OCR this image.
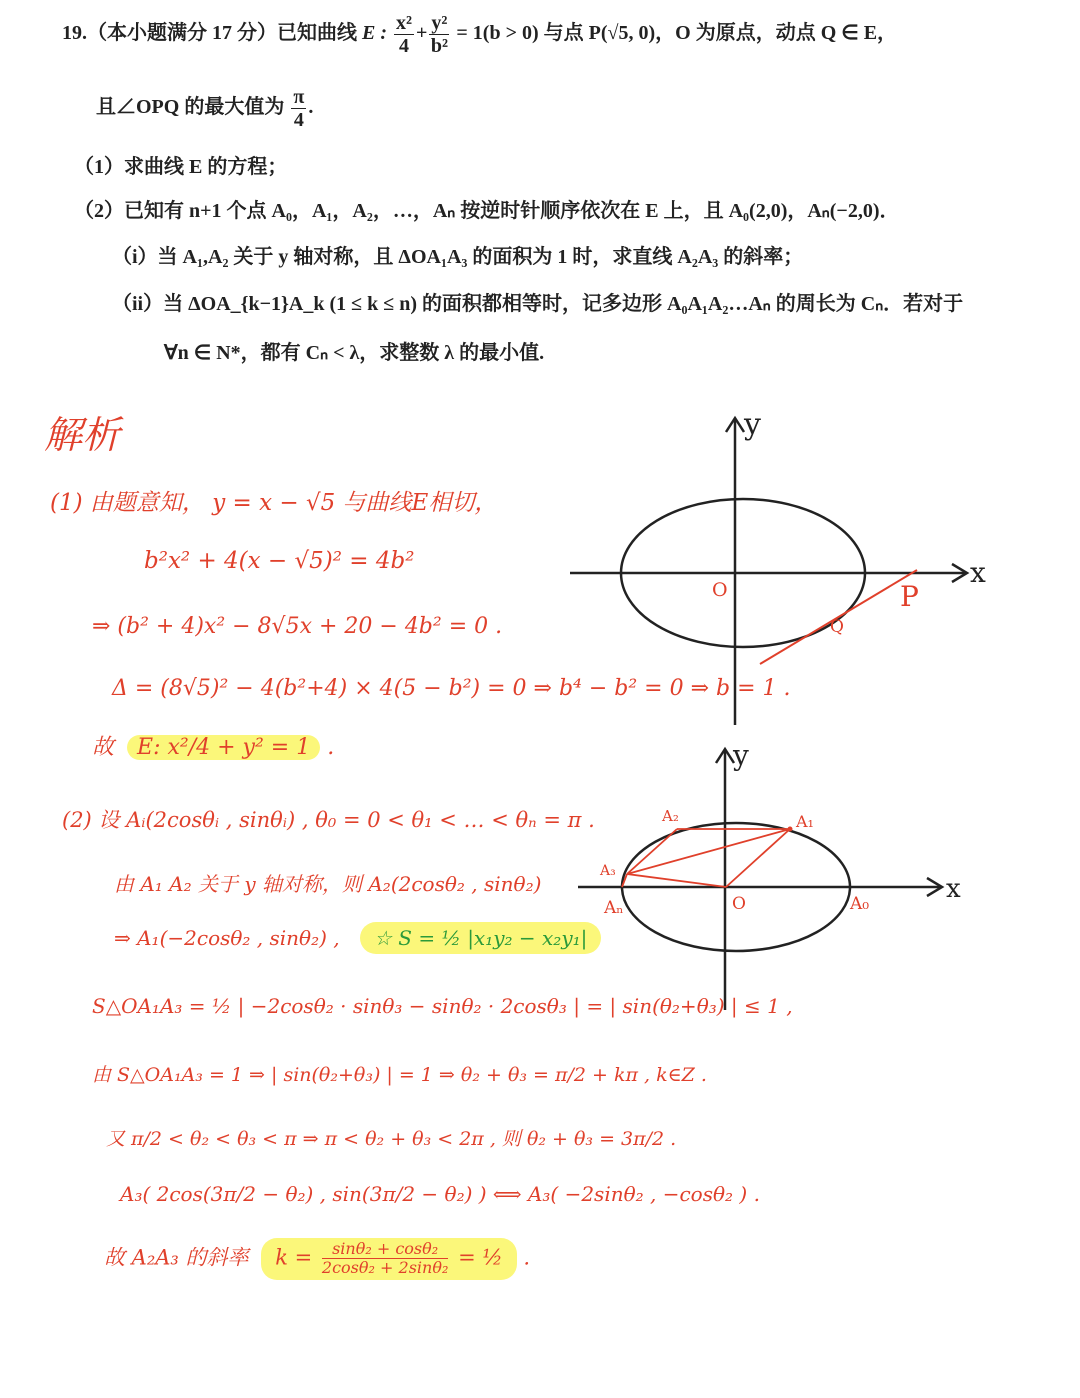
19.（本小题满分 17 分）已知曲线 E : $\frac{\text{x²}}{4} + \frac{\text{y²}}{\text{b²}} = 1(b > 0)$ 与点 P(√5, 0)，O 为原点，动点 Q ∈ E，
且∠OPQ 的最大值为 $\frac{\pi}{4}$ .
（1）求曲线 E 的方程；
（2）已知有 n+1 个点 A₀，A₁，A₂，…，Aₙ 按逆时针顺序依次在 E 上，且 A₀(2,0)，Aₙ(−2,0)．
（i）当 A₁,A₂ 关于 y 轴对称，且 ΔOA₁A₃ 的面积为 1 时，求直线 A₂A₃ 的斜率；
（ii）当 ΔOA_{k−1}A_k (1 ≤ k ≤ n) 的面积都相等时，记多边形 A₀A₁A₂…Aₙ 的周长为 Cₙ．若对于
∀n ∈ N*，都有 Cₙ < λ，求整数 λ 的最小值.
解析
(1) 由题意知， y = x − √5 与曲线E相切，
b²x² + 4(x − √5)² = 4b²
⇒ (b² + 4)x² − 8√5x + 20 − 4b² = 0 .
Δ = (8√5)² − 4(b²+4) × 4(5 − b²) = 0 ⇒ b⁴ − b² = 0 ⇒ b = 1 .
故 E: x²/4 + y² = 1 .
(2) 设 Aᵢ(2cosθᵢ , sinθᵢ) , θ₀ = 0 < θ₁ < … < θₙ = π .
由 A₁ A₂ 关于 y 轴对称，则 A₂(2cosθ₂ , sinθ₂)
⇒ A₁(−2cosθ₂ , sinθ₂) , ☆ S = ½ |x₁y₂ − x₂y₁|
S△OA₁A₃ = ½ | −2cosθ₂ · sinθ₃ − sinθ₂ · 2cosθ₃ | = | sin(θ₂+θ₃) | ≤ 1 ,
由 S△OA₁A₃ = 1 ⇒ | sin(θ₂+θ₃) | = 1 ⇒ θ₂ + θ₃ = π/2 + kπ , k∈Z .
又 π/2 < θ₂ < θ₃ < π ⇒ π < θ₂ + θ₃ < 2π , 则 θ₂ + θ₃ = 3π/2 .
A₃( 2cos(3π/2 − θ₂) , sin(3π/2 − θ₂) ) ⟺ A₃( −2sinθ₂ , −cosθ₂ ) .
故 A₂A₃ 的斜率 $k = \frac{\text{sinθ₂ + cosθ₂}}{\text{2cosθ₂ + 2sinθ₂}}$ = ½ .
y
x
O	P
Q
y
x
O	A₀
A₁
A₂
A₃
Aₙ
